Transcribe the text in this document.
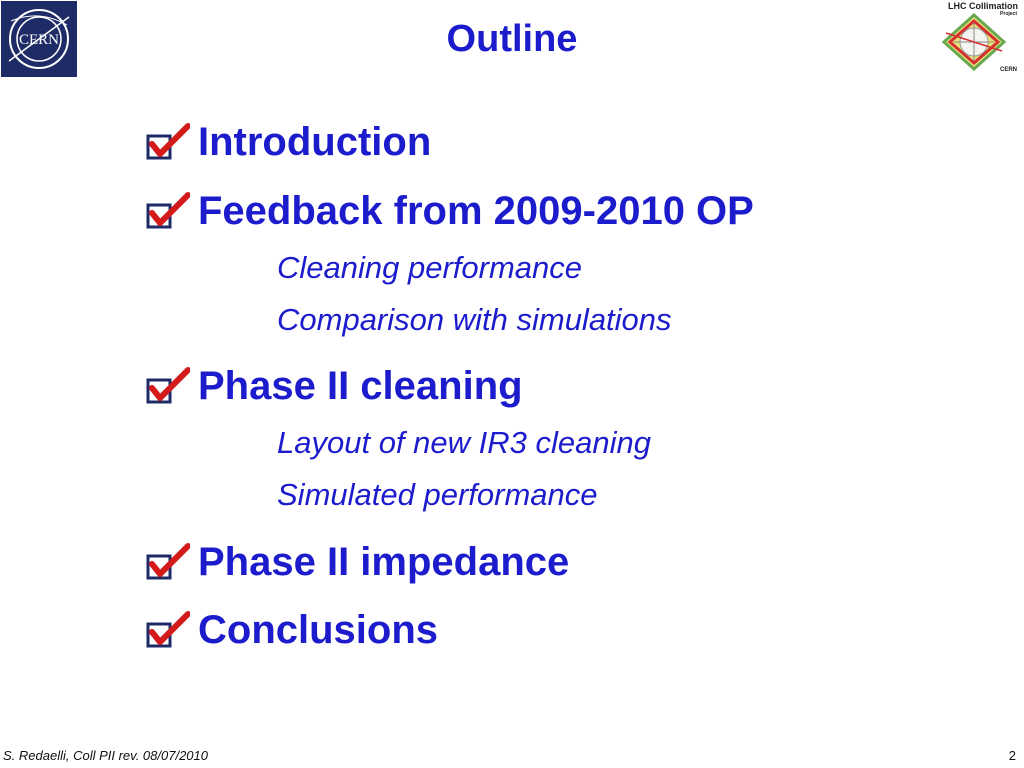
CERN
LHC Collimation
Project
CERN
Outline
Introduction
Feedback from 2009-2010 OP
Cleaning performance
Comparison with simulations
Phase II cleaning
Layout of new IR3 cleaning
Simulated performance
Phase II impedance
Conclusions
S. Redaelli, Coll PII rev. 08/07/2010	2
